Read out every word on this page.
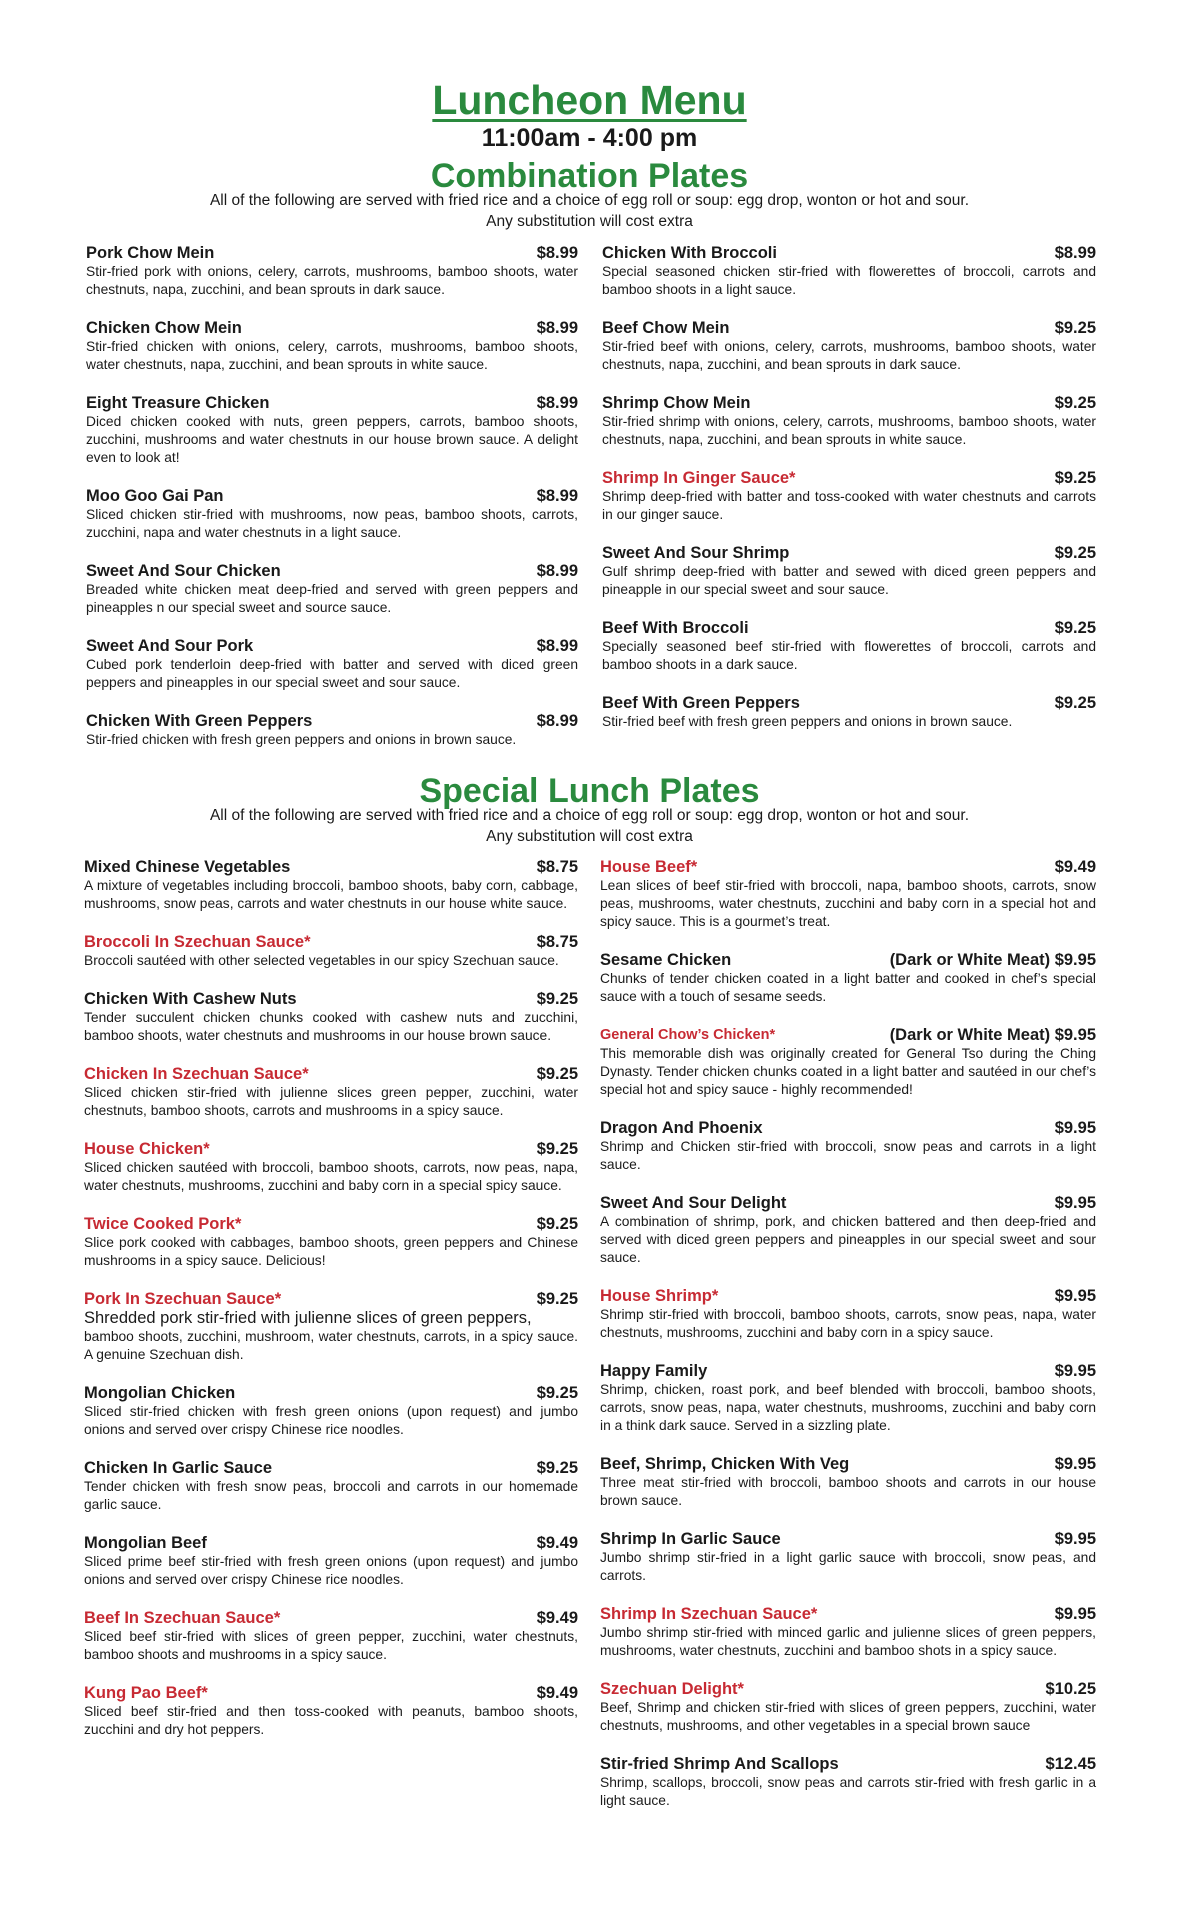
Luncheon Menu
11:00am - 4:00 pm
Combination Plates
All of the following are served with fried rice and a choice of egg roll or soup: egg drop, wonton or hot and sour.
Any substitution will cost extra
Pork Chow Mein	$8.99
Stir-fried pork with onions, celery, carrots, mushrooms, bamboo shoots, water chestnuts, napa, zucchini, and bean sprouts in dark sauce.
Chicken Chow Mein	$8.99
Stir-fried chicken with onions, celery, carrots, mushrooms, bamboo shoots, water chestnuts, napa, zucchini, and bean sprouts in white sauce.
Eight Treasure Chicken	$8.99
Diced chicken cooked with nuts, green peppers, carrots, bamboo shoots, zucchini, mushrooms and water chestnuts in our house brown sauce. A delight even to look at!
Moo Goo Gai Pan	$8.99
Sliced chicken stir-fried with mushrooms, now peas, bamboo shoots, carrots, zucchini, napa and water chestnuts in a light sauce.
Sweet And Sour Chicken	$8.99
Breaded white chicken meat deep-fried and served with green peppers and pineapples n our special sweet and source sauce.
Sweet And Sour Pork	$8.99
Cubed pork tenderloin deep-fried with batter and served with diced green peppers and pineapples in our special sweet and sour sauce.
Chicken With Green Peppers	$8.99
Stir-fried chicken with fresh green peppers and onions in brown sauce.
Chicken With Broccoli	$8.99
Special seasoned chicken stir-fried with flowerettes of broccoli, carrots and bamboo shoots in a light sauce.
Beef Chow Mein	$9.25
Stir-fried beef with onions, celery, carrots, mushrooms, bamboo shoots, water chestnuts, napa, zucchini, and bean sprouts in dark sauce.
Shrimp Chow Mein	$9.25
Stir-fried shrimp with onions, celery, carrots, mushrooms, bamboo shoots, water chestnuts, napa, zucchini, and bean sprouts in white sauce.
Shrimp In Ginger Sauce*	$9.25
Shrimp deep-fried with batter and toss-cooked with water chestnuts and carrots in our ginger sauce.
Sweet And Sour Shrimp	$9.25
Gulf shrimp deep-fried with batter and sewed with diced green peppers and pineapple in our special sweet and sour sauce.
Beef With Broccoli	$9.25
Specially seasoned beef stir-fried with flowerettes of broccoli, carrots and bamboo shoots in a dark sauce.
Beef With Green Peppers	$9.25
Stir-fried beef with fresh green peppers and onions in brown sauce.
Special Lunch Plates
All of the following are served with fried rice and a choice of egg roll or soup: egg drop, wonton or hot and sour.
Any substitution will cost extra
Mixed Chinese Vegetables	$8.75
A mixture of vegetables including broccoli, bamboo shoots, baby corn, cabbage, mushrooms, snow peas, carrots and water chestnuts in our house white sauce.
Broccoli In Szechuan Sauce*	$8.75
Broccoli sautéed with other selected vegetables in our spicy Szechuan sauce.
Chicken With Cashew Nuts	$9.25
Tender succulent chicken chunks cooked with cashew nuts and zucchini, bamboo shoots, water chestnuts and mushrooms in our house brown sauce.
Chicken In Szechuan Sauce*	$9.25
Sliced chicken stir-fried with julienne slices green pepper, zucchini, water chestnuts, bamboo shoots, carrots and mushrooms in a spicy sauce.
House Chicken*	$9.25
Sliced chicken sautéed with broccoli, bamboo shoots, carrots, now peas, napa, water chestnuts, mushrooms, zucchini and baby corn in a special spicy sauce.
Twice Cooked Pork*	$9.25
Slice pork cooked with cabbages, bamboo shoots, green peppers and Chinese mushrooms in a spicy sauce. Delicious!
Pork In Szechuan Sauce*	$9.25
Shredded pork stir-fried with julienne slices of green peppers,
bamboo shoots, zucchini, mushroom, water chestnuts, carrots, in a spicy sauce. A genuine Szechuan dish.
Mongolian Chicken	$9.25
Sliced stir-fried chicken with fresh green onions (upon request) and jumbo onions and served over crispy Chinese rice noodles.
Chicken In Garlic Sauce	$9.25
Tender chicken with fresh snow peas, broccoli and carrots in our homemade garlic sauce.
Mongolian Beef	$9.49
Sliced prime beef stir-fried with fresh green onions (upon request) and jumbo onions and served over crispy Chinese rice noodles.
Beef In Szechuan Sauce*	$9.49
Sliced beef stir-fried with slices of green pepper, zucchini, water chestnuts, bamboo shoots and mushrooms in a spicy sauce.
Kung Pao Beef*	$9.49
Sliced beef stir-fried and then toss-cooked with peanuts, bamboo shoots, zucchini and dry hot peppers.
House Beef*	$9.49
Lean slices of beef stir-fried with broccoli, napa, bamboo shoots, carrots, snow peas, mushrooms, water chestnuts, zucchini and baby corn in a special hot and spicy sauce. This is a gourmet’s treat.
Sesame Chicken	(Dark or White Meat) $9.95
Chunks of tender chicken coated in a light batter and cooked in chef’s special sauce with a touch of sesame seeds.
General Chow’s Chicken*	(Dark or White Meat) $9.95
This memorable dish was originally created for General Tso during the Ching Dynasty. Tender chicken chunks coated in a light batter and sautéed in our chef’s special hot and spicy sauce - highly recommended!
Dragon And Phoenix	$9.95
Shrimp and Chicken stir-fried with broccoli, snow peas and carrots in a light sauce.
Sweet And Sour Delight	$9.95
A combination of shrimp, pork, and chicken battered and then deep-fried and served with diced green peppers and pineapples in our special sweet and sour sauce.
House Shrimp*	$9.95
Shrimp stir-fried with broccoli, bamboo shoots, carrots, snow peas, napa, water chestnuts, mushrooms, zucchini and baby corn in a spicy sauce.
Happy Family	$9.95
Shrimp, chicken, roast pork, and beef blended with broccoli, bamboo shoots, carrots, snow peas, napa, water chestnuts, mushrooms, zucchini and baby corn in a think dark sauce. Served in a sizzling plate.
Beef, Shrimp, Chicken With Veg	$9.95
Three meat stir-fried with broccoli, bamboo shoots and carrots in our house brown sauce.
Shrimp In Garlic Sauce	$9.95
Jumbo shrimp stir-fried in a light garlic sauce with broccoli, snow peas, and carrots.
Shrimp In Szechuan Sauce*	$9.95
Jumbo shrimp stir-fried with minced garlic and julienne slices of green peppers, mushrooms, water chestnuts, zucchini and bamboo shots in a spicy sauce.
Szechuan Delight*	$10.25
Beef, Shrimp and chicken stir-fried with slices of green peppers, zucchini, water chestnuts, mushrooms, and other vegetables in a special brown sauce
Stir-fried Shrimp And Scallops	$12.45
Shrimp, scallops, broccoli, snow peas and carrots stir-fried with fresh garlic in a light sauce.
